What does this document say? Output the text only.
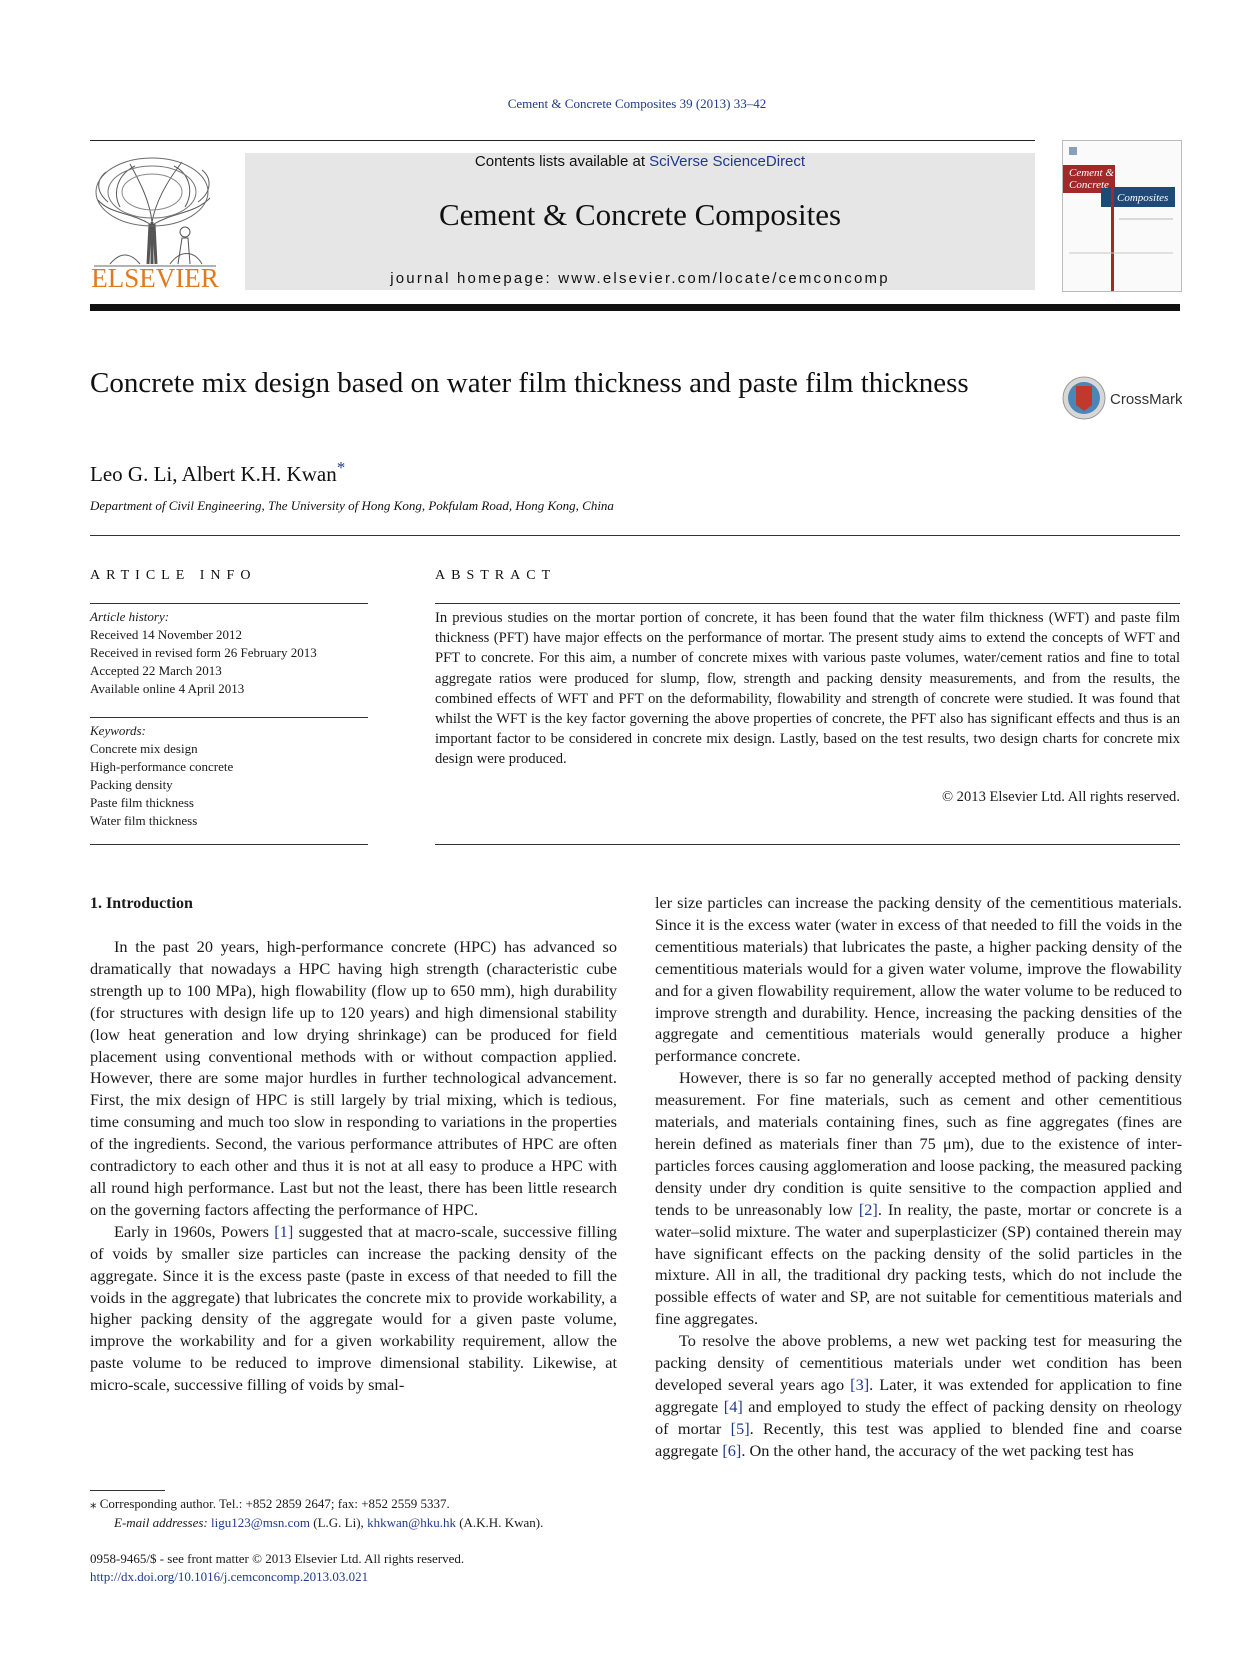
Cement & Concrete Composites 39 (2013) 33–42
ELSEVIER
Contents lists available at SciVerse ScienceDirect
Cement & Concrete Composites
journal homepage: www.elsevier.com/locate/cemconcomp
Cement &
Concrete
Composites
Concrete mix design based on water film thickness and paste film thickness
CrossMark
Leo G. Li, Albert K.H. Kwan*
Department of Civil Engineering, The University of Hong Kong, Pokfulam Road, Hong Kong, China
ARTICLE INFO
Article history:
Received 14 November 2012
Received in revised form 26 February 2013
Accepted 22 March 2013
Available online 4 April 2013
Keywords:
Concrete mix design
High-performance concrete
Packing density
Paste film thickness
Water film thickness
ABSTRACT
In previous studies on the mortar portion of concrete, it has been found that the water film thickness (WFT) and paste film thickness (PFT) have major effects on the performance of mortar. The present study aims to extend the concepts of WFT and PFT to concrete. For this aim, a number of concrete mixes with various paste volumes, water/cement ratios and fine to total aggregate ratios were produced for slump, flow, strength and packing density measurements, and from the results, the combined effects of WFT and PFT on the deformability, flowability and strength of concrete were studied. It was found that whilst the WFT is the key factor governing the above properties of concrete, the PFT also has significant effects and thus is an important factor to be considered in concrete mix design. Lastly, based on the test results, two design charts for concrete mix design were produced.
© 2013 Elsevier Ltd. All rights reserved.
1. Introduction

In the past 20 years, high-performance concrete (HPC) has advanced so dramatically that nowadays a HPC having high strength (characteristic cube strength up to 100 MPa), high flowability (flow up to 650 mm), high durability (for structures with design life up to 120 years) and high dimensional stability (low heat generation and low drying shrinkage) can be produced for field placement using conventional methods with or without compaction applied. However, there are some major hurdles in further technological advancement. First, the mix design of HPC is still largely by trial mixing, which is tedious, time consuming and much too slow in responding to variations in the properties of the ingredients. Second, the various performance attributes of HPC are often contradictory to each other and thus it is not at all easy to produce a HPC with all round high performance. Last but not the least, there has been little research on the governing factors affecting the performance of HPC.

Early in 1960s, Powers [1] suggested that at macro-scale, successive filling of voids by smaller size particles can increase the packing density of the aggregate. Since it is the excess paste (paste in excess of that needed to fill the voids in the aggregate) that lubricates the concrete mix to provide workability, a higher packing density of the aggregate would for a given paste volume, improve the workability and for a given workability requirement, allow the paste volume to be reduced to improve dimensional stability. Likewise, at micro-scale, successive filling of voids by smal-

ler size particles can increase the packing density of the cementitious materials. Since it is the excess water (water in excess of that needed to fill the voids in the cementitious materials) that lubricates the paste, a higher packing density of the cementitious materials would for a given water volume, improve the flowability and for a given flowability requirement, allow the water volume to be reduced to improve strength and durability. Hence, increasing the packing densities of the aggregate and cementitious materials would generally produce a higher performance concrete.

However, there is so far no generally accepted method of packing density measurement. For fine materials, such as cement and other cementitious materials, and materials containing fines, such as fine aggregates (fines are herein defined as materials finer than 75 μm), due to the existence of inter-particles forces causing agglomeration and loose packing, the measured packing density under dry condition is quite sensitive to the compaction applied and tends to be unreasonably low [2]. In reality, the paste, mortar or concrete is a water–solid mixture. The water and superplasticizer (SP) contained therein may have significant effects on the packing density of the solid particles in the mixture. All in all, the traditional dry packing tests, which do not include the possible effects of water and SP, are not suitable for cementitious materials and fine aggregates.

To resolve the above problems, a new wet packing test for measuring the packing density of cementitious materials under wet condition has been developed several years ago [3]. Later, it was extended for application to fine aggregate [4] and employed to study the effect of packing density on rheology of mortar [5]. Recently, this test was applied to blended fine and coarse aggregate [6]. On the other hand, the accuracy of the wet packing test has

⁎ Corresponding author. Tel.: +852 2859 2647; fax: +852 2559 5337.
E-mail addresses: ligu123@msn.com (L.G. Li), khkwan@hku.hk (A.K.H. Kwan).
0958-9465/$ - see front matter © 2013 Elsevier Ltd. All rights reserved.
http://dx.doi.org/10.1016/j.cemconcomp.2013.03.021
